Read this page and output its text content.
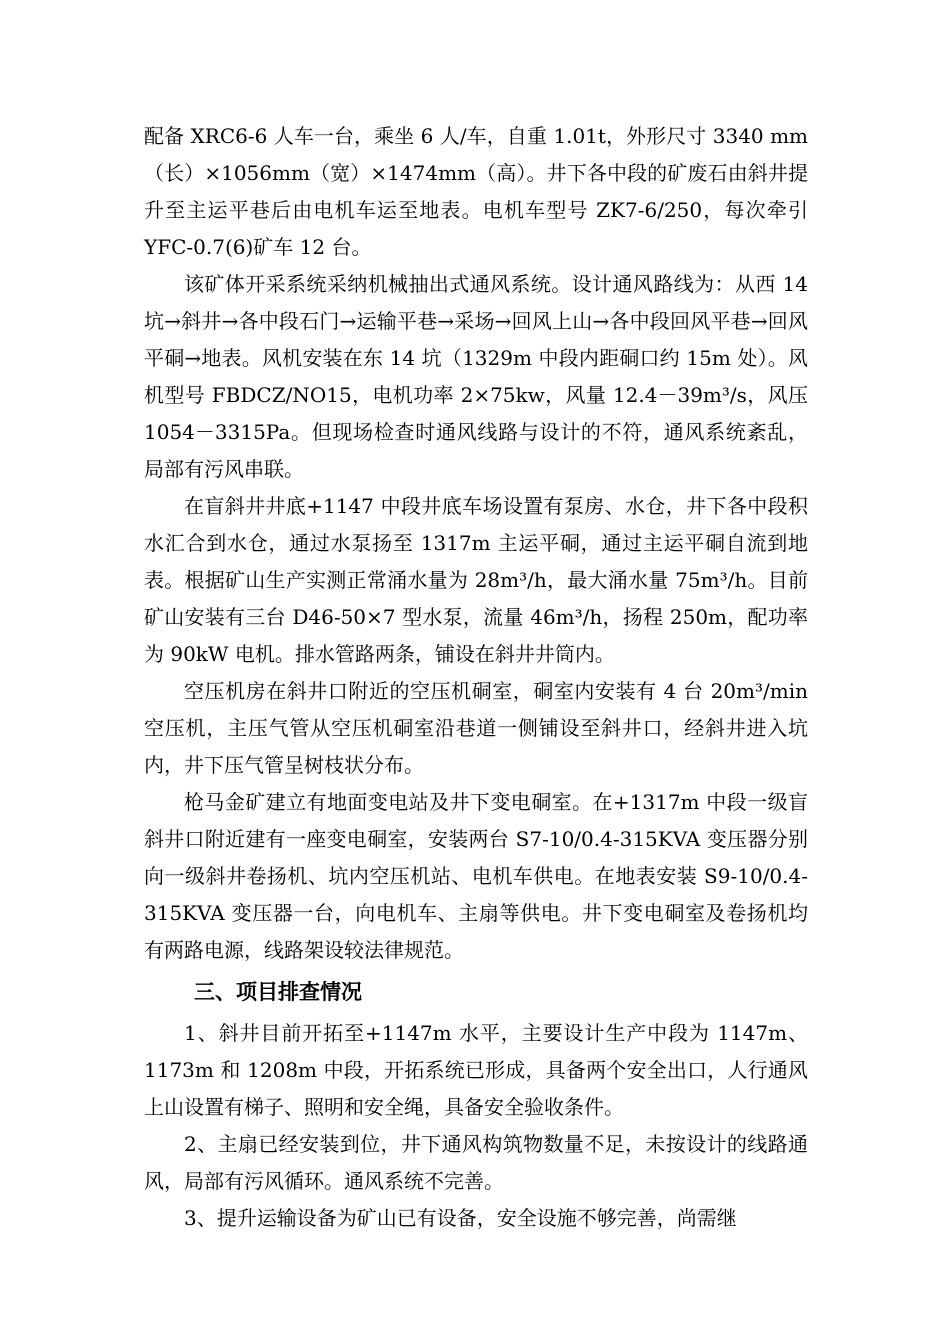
配备 XRC6-6 人车一台，乘坐 6 人/车，自重 1.01t，外形尺寸 3340 mm（长）×1056mm（宽）×1474mm（高）。井下各中段的矿废石由斜井提升至主运平巷后由电机车运至地表。电机车型号 ZK7-6/250，每次牵引 YFC-0.7(6)矿车 12 台。

该矿体开采系统采纳机械抽出式通风系统。设计通风路线为：从西 14 坑→斜井→各中段石门→运输平巷→采场→回风上山→各中段回风平巷→回风平硐→地表。风机安装在东 14 坑（1329m 中段内距硐口约 15m 处）。风机型号 FBDCZ/NO15，电机功率 2×75kw，风量 12.4－39m³/s，风压 1054－3315Pa。但现场检查时通风线路与设计的不符，通风系统紊乱，局部有污风串联。

在盲斜井井底+1147 中段井底车场设置有泵房、水仓，井下各中段积水汇合到水仓，通过水泵扬至 1317m 主运平硐，通过主运平硐自流到地表。根据矿山生产实测正常涌水量为 28m³/h，最大涌水量 75m³/h。目前矿山安装有三台 D46-50×7 型水泵，流量 46m³/h，扬程 250m，配功率为 90kW 电机。排水管路两条，铺设在斜井井筒内。

空压机房在斜井口附近的空压机硐室，硐室内安装有 4 台 20m³/min 空压机，主压气管从空压机硐室沿巷道一侧铺设至斜井口，经斜井进入坑内，井下压气管呈树枝状分布。

枪马金矿建立有地面变电站及井下变电硐室。在+1317m 中段一级盲斜井口附近建有一座变电硐室，安装两台 S7-10/0.4-315KVA 变压器分别向一级斜井卷扬机、坑内空压机站、电机车供电。在地表安装 S9-10/0.4-315KVA 变压器一台，向电机车、主扇等供电。井下变电硐室及卷扬机均有两路电源，线路架设较法律规范。

三、项目排查情况

1、斜井目前开拓至+1147m 水平，主要设计生产中段为 1147m、1173m 和 1208m 中段，开拓系统已形成，具备两个安全出口，人行通风上山设置有梯子、照明和安全绳，具备安全验收条件。

2、主扇已经安装到位，井下通风构筑物数量不足，未按设计的线路通风，局部有污风循环。通风系统不完善。

3、提升运输设备为矿山已有设备，安全设施不够完善，尚需继
